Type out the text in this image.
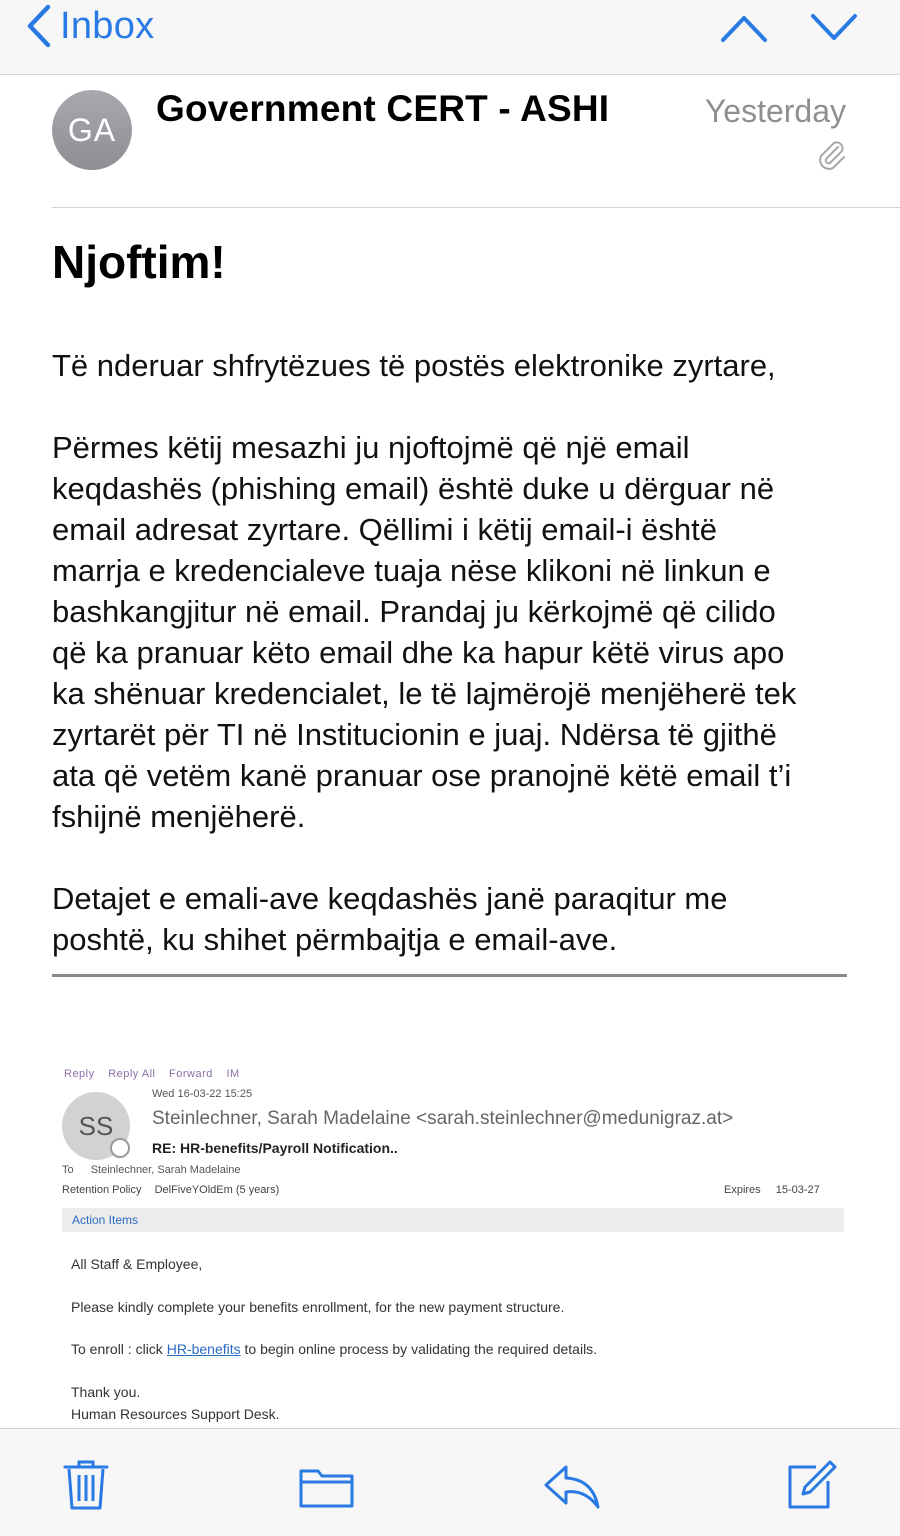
Inbox
GA
Government CERT - ASHI	Yesterday
Njoftim!
Të nderuar shfrytëzues të postës elektronike zyrtare,
Përmes këtij mesazhi ju njoftojmë që një email
keqdashës (phishing email) është duke u dërguar në
email adresat zyrtare. Qëllimi i këtij email-i është
marrja e kredencialeve tuaja nëse klikoni në linkun e
bashkangjitur në email. Prandaj ju kërkojmë që cilido
që ka pranuar këto email dhe ka hapur këtë virus apo
ka shënuar kredencialet, le të lajmërojë menjëherë tek
zyrtarët për TI në Institucionin e juaj. Ndërsa të gjithë
ata që vetëm kanë pranuar ose pranojnë këtë email t’i
fshijnë menjëherë.
Detajet e emali-ave keqdashës janë paraqitur me
poshtë, ku shihet përmbajtja e email-ave.
Reply Reply All Forward IM
SS
Wed 16-03-22 15:25
Steinlechner, Sarah Madelaine <sarah.steinlechner@medunigraz.at>
RE: HR-benefits/Payroll Notification..
To Steinlechner, Sarah Madelaine
Retention Policy DelFiveYOldEm (5 years)	Expires 15-03-27
Action Items
All Staff & Employee,
Please kindly complete your benefits enrollment, for the new payment structure.
To enroll : click HR-benefits to begin online process by validating the required details.
Thank you.
Human Resources Support Desk.
